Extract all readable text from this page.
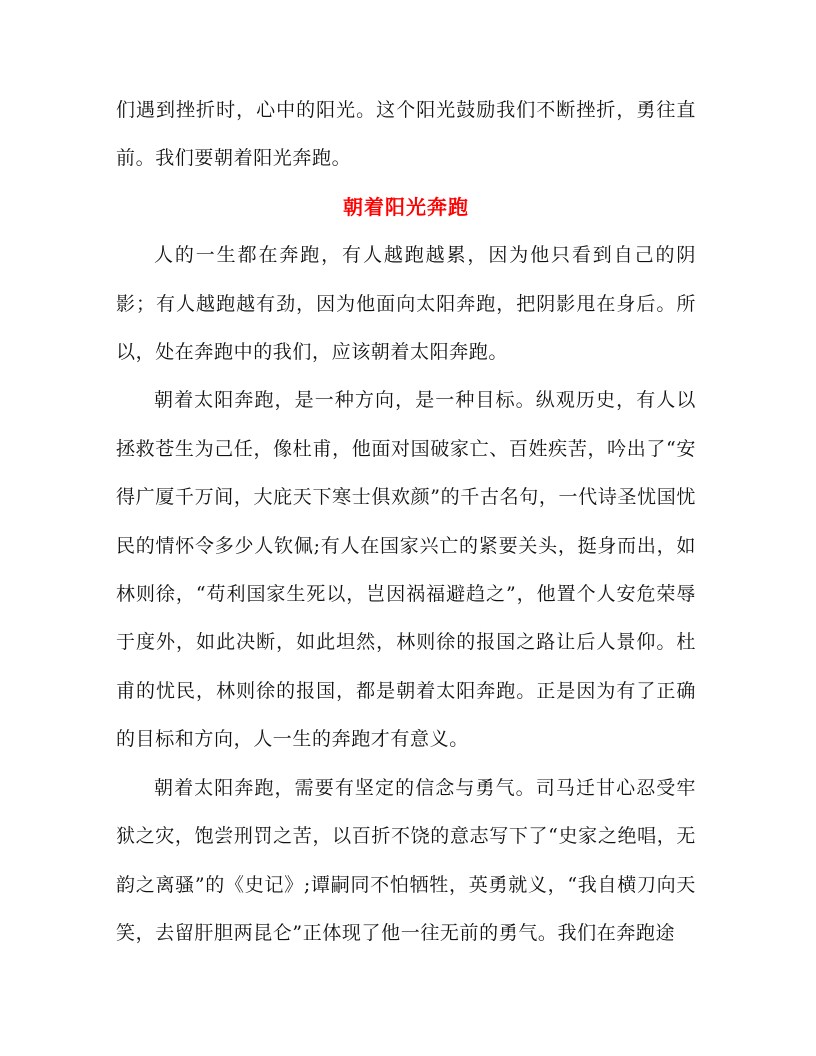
们遇到挫折时，心中的阳光。这个阳光鼓励我们不断挫折，勇往直前。我们要朝着阳光奔跑。

朝着阳光奔跑

人的一生都在奔跑，有人越跑越累，因为他只看到自己的阴影；有人越跑越有劲，因为他面向太阳奔跑，把阴影甩在身后。所以，处在奔跑中的我们，应该朝着太阳奔跑。

朝着太阳奔跑，是一种方向，是一种目标。纵观历史，有人以拯救苍生为己任，像杜甫，他面对国破家亡、百姓疾苦，吟出了“安得广厦千万间，大庇天下寒士俱欢颜”的千古名句，一代诗圣忧国忧民的情怀令多少人钦佩;有人在国家兴亡的紧要关头，挺身而出，如林则徐，“苟利国家生死以，岂因祸福避趋之”，他置个人安危荣辱于度外，如此决断，如此坦然，林则徐的报国之路让后人景仰。杜甫的忧民，林则徐的报国，都是朝着太阳奔跑。正是因为有了正确的目标和方向，人一生的奔跑才有意义。

朝着太阳奔跑，需要有坚定的信念与勇气。司马迁甘心忍受牢狱之灾，饱尝刑罚之苦，以百折不饶的意志写下了“史家之绝唱，无韵之离骚”的《史记》;谭嗣同不怕牺牲，英勇就义，“我自横刀向天笑，去留肝胆两昆仑”正体现了他一往无前的勇气。我们在奔跑途
